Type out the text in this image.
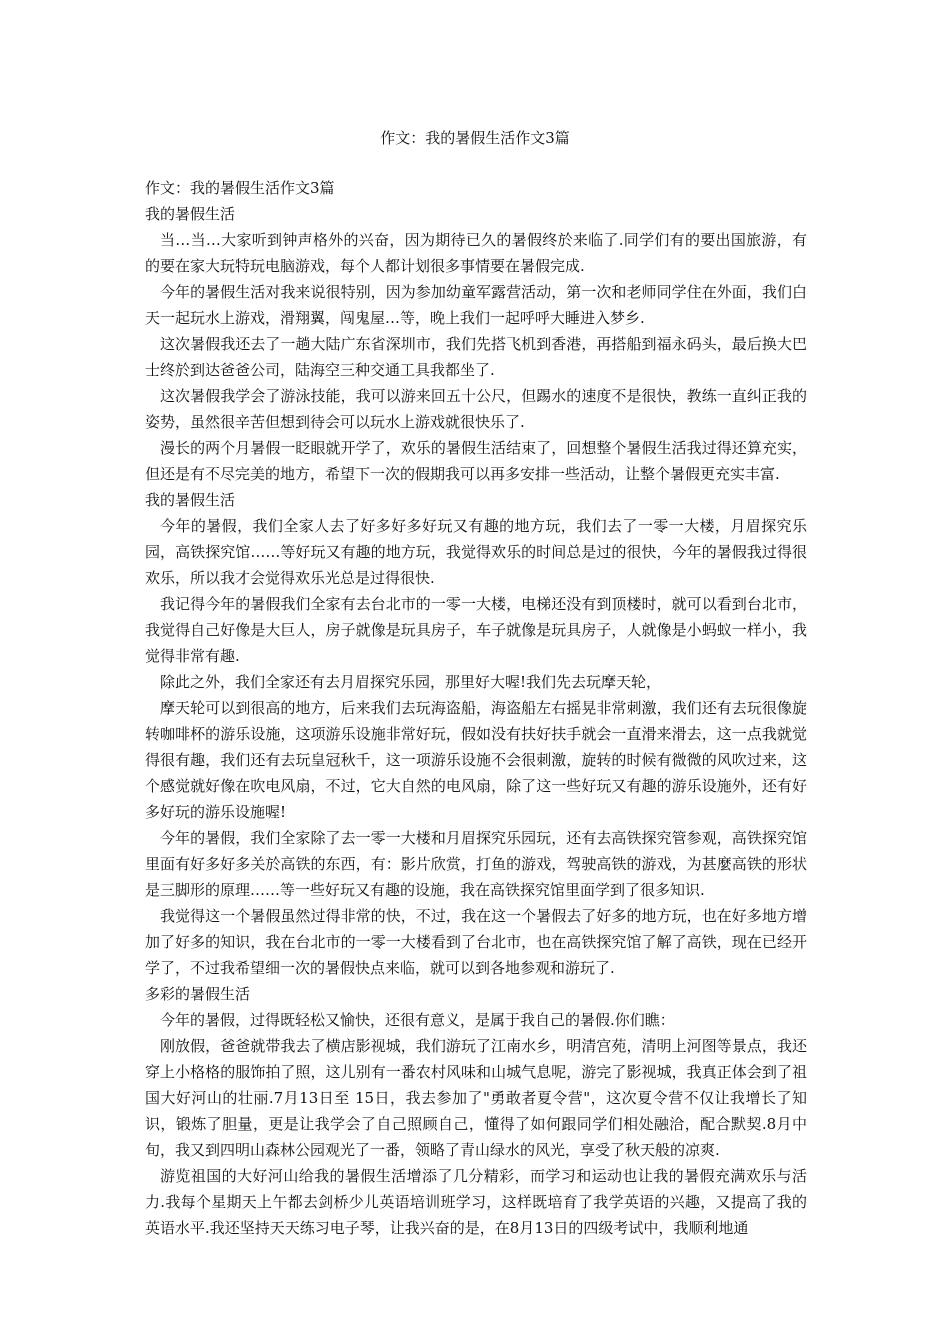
作文：我的暑假生活作文3篇

作文：我的暑假生活作文3篇

我的暑假生活

当…当…大家听到钟声格外的兴奋，因为期待已久的暑假终於来临了.同学们有的要出国旅游，有的要在家大玩特玩电脑游戏，每个人都计划很多事情要在暑假完成.

今年的暑假生活对我来说很特别，因为参加幼童军露营活动，第一次和老师同学住在外面，我们白天一起玩水上游戏，滑翔翼，闯鬼屋…等，晚上我们一起呼呼大睡进入梦乡.

这次暑假我还去了一趟大陆广东省深圳市，我们先搭飞机到香港，再搭船到福永码头，最后换大巴士终於到达爸爸公司，陆海空三种交通工具我都坐了.

这次暑假我学会了游泳技能，我可以游来回五十公尺，但踢水的速度不是很快，教练一直纠正我的姿势，虽然很辛苦但想到待会可以玩水上游戏就很快乐了.

漫长的两个月暑假一眨眼就开学了，欢乐的暑假生活结束了，回想整个暑假生活我过得还算充实，但还是有不尽完美的地方，希望下一次的假期我可以再多安排一些活动，让整个暑假更充实丰富.

我的暑假生活

今年的暑假，我们全家人去了好多好多好玩又有趣的地方玩，我们去了一零一大楼，月眉探究乐园，高铁探究馆……等好玩又有趣的地方玩，我觉得欢乐的时间总是过的很快，今年的暑假我过得很欢乐，所以我才会觉得欢乐光总是过得很快.

我记得今年的暑假我们全家有去台北市的一零一大楼，电梯还没有到顶楼时，就可以看到台北市，我觉得自己好像是大巨人，房子就像是玩具房子，车子就像是玩具房子，人就像是小蚂蚁一样小，我觉得非常有趣.

除此之外，我们全家还有去月眉探究乐园，那里好大喔!我们先去玩摩天轮，

摩天轮可以到很高的地方，后来我们去玩海盗船，海盗船左右摇晃非常刺激，我们还有去玩很像旋转咖啡杯的游乐设施，这项游乐设施非常好玩，假如没有扶好扶手就会一直滑来滑去，这一点我就觉得很有趣，我们还有去玩皇冠秋千，这一项游乐设施不会很刺激，旋转的时候有微微的风吹过来，这个感觉就好像在吹电风扇，不过，它大自然的电风扇，除了这一些好玩又有趣的游乐设施外，还有好多好玩的游乐设施喔!

今年的暑假，我们全家除了去一零一大楼和月眉探究乐园玩，还有去高铁探究管参观，高铁探究馆里面有好多好多关於高铁的东西，有：影片欣赏，打鱼的游戏，驾驶高铁的游戏，为甚麼高铁的形状是三脚形的原理……等一些好玩又有趣的设施，我在高铁探究馆里面学到了很多知识.

我觉得这一个暑假虽然过得非常的快，不过，我在这一个暑假去了好多的地方玩，也在好多地方增加了好多的知识，我在台北市的一零一大楼看到了台北市，也在高铁探究馆了解了高铁，现在已经开学了，不过我希望细一次的暑假快点来临，就可以到各地参观和游玩了.

多彩的暑假生活

今年的暑假，过得既轻松又愉快，还很有意义，是属于我自己的暑假.你们瞧：

刚放假，爸爸就带我去了横店影视城，我们游玩了江南水乡，明清宫苑，清明上河图等景点，我还穿上小格格的服饰拍了照，这儿别有一番农村风味和山城气息呢，游完了影视城，我真正体会到了祖国大好河山的壮丽.7月13日至 15日，我去参加了"勇敢者夏令营"，这次夏令营不仅让我增长了知识，锻炼了胆量，更是让我学会了自己照顾自己，懂得了如何跟同学们相处融洽，配合默契.8月中旬，我又到四明山森林公园观光了一番，领略了青山绿水的风光，享受了秋天般的凉爽.

游览祖国的大好河山给我的暑假生活增添了几分精彩，而学习和运动也让我的暑假充满欢乐与活力.我每个星期天上午都去剑桥少儿英语培训班学习，这样既培育了我学英语的兴趣，又提高了我的英语水平.我还坚持天天练习电子琴，让我兴奋的是，在8月13日的四级考试中，我顺利地通
